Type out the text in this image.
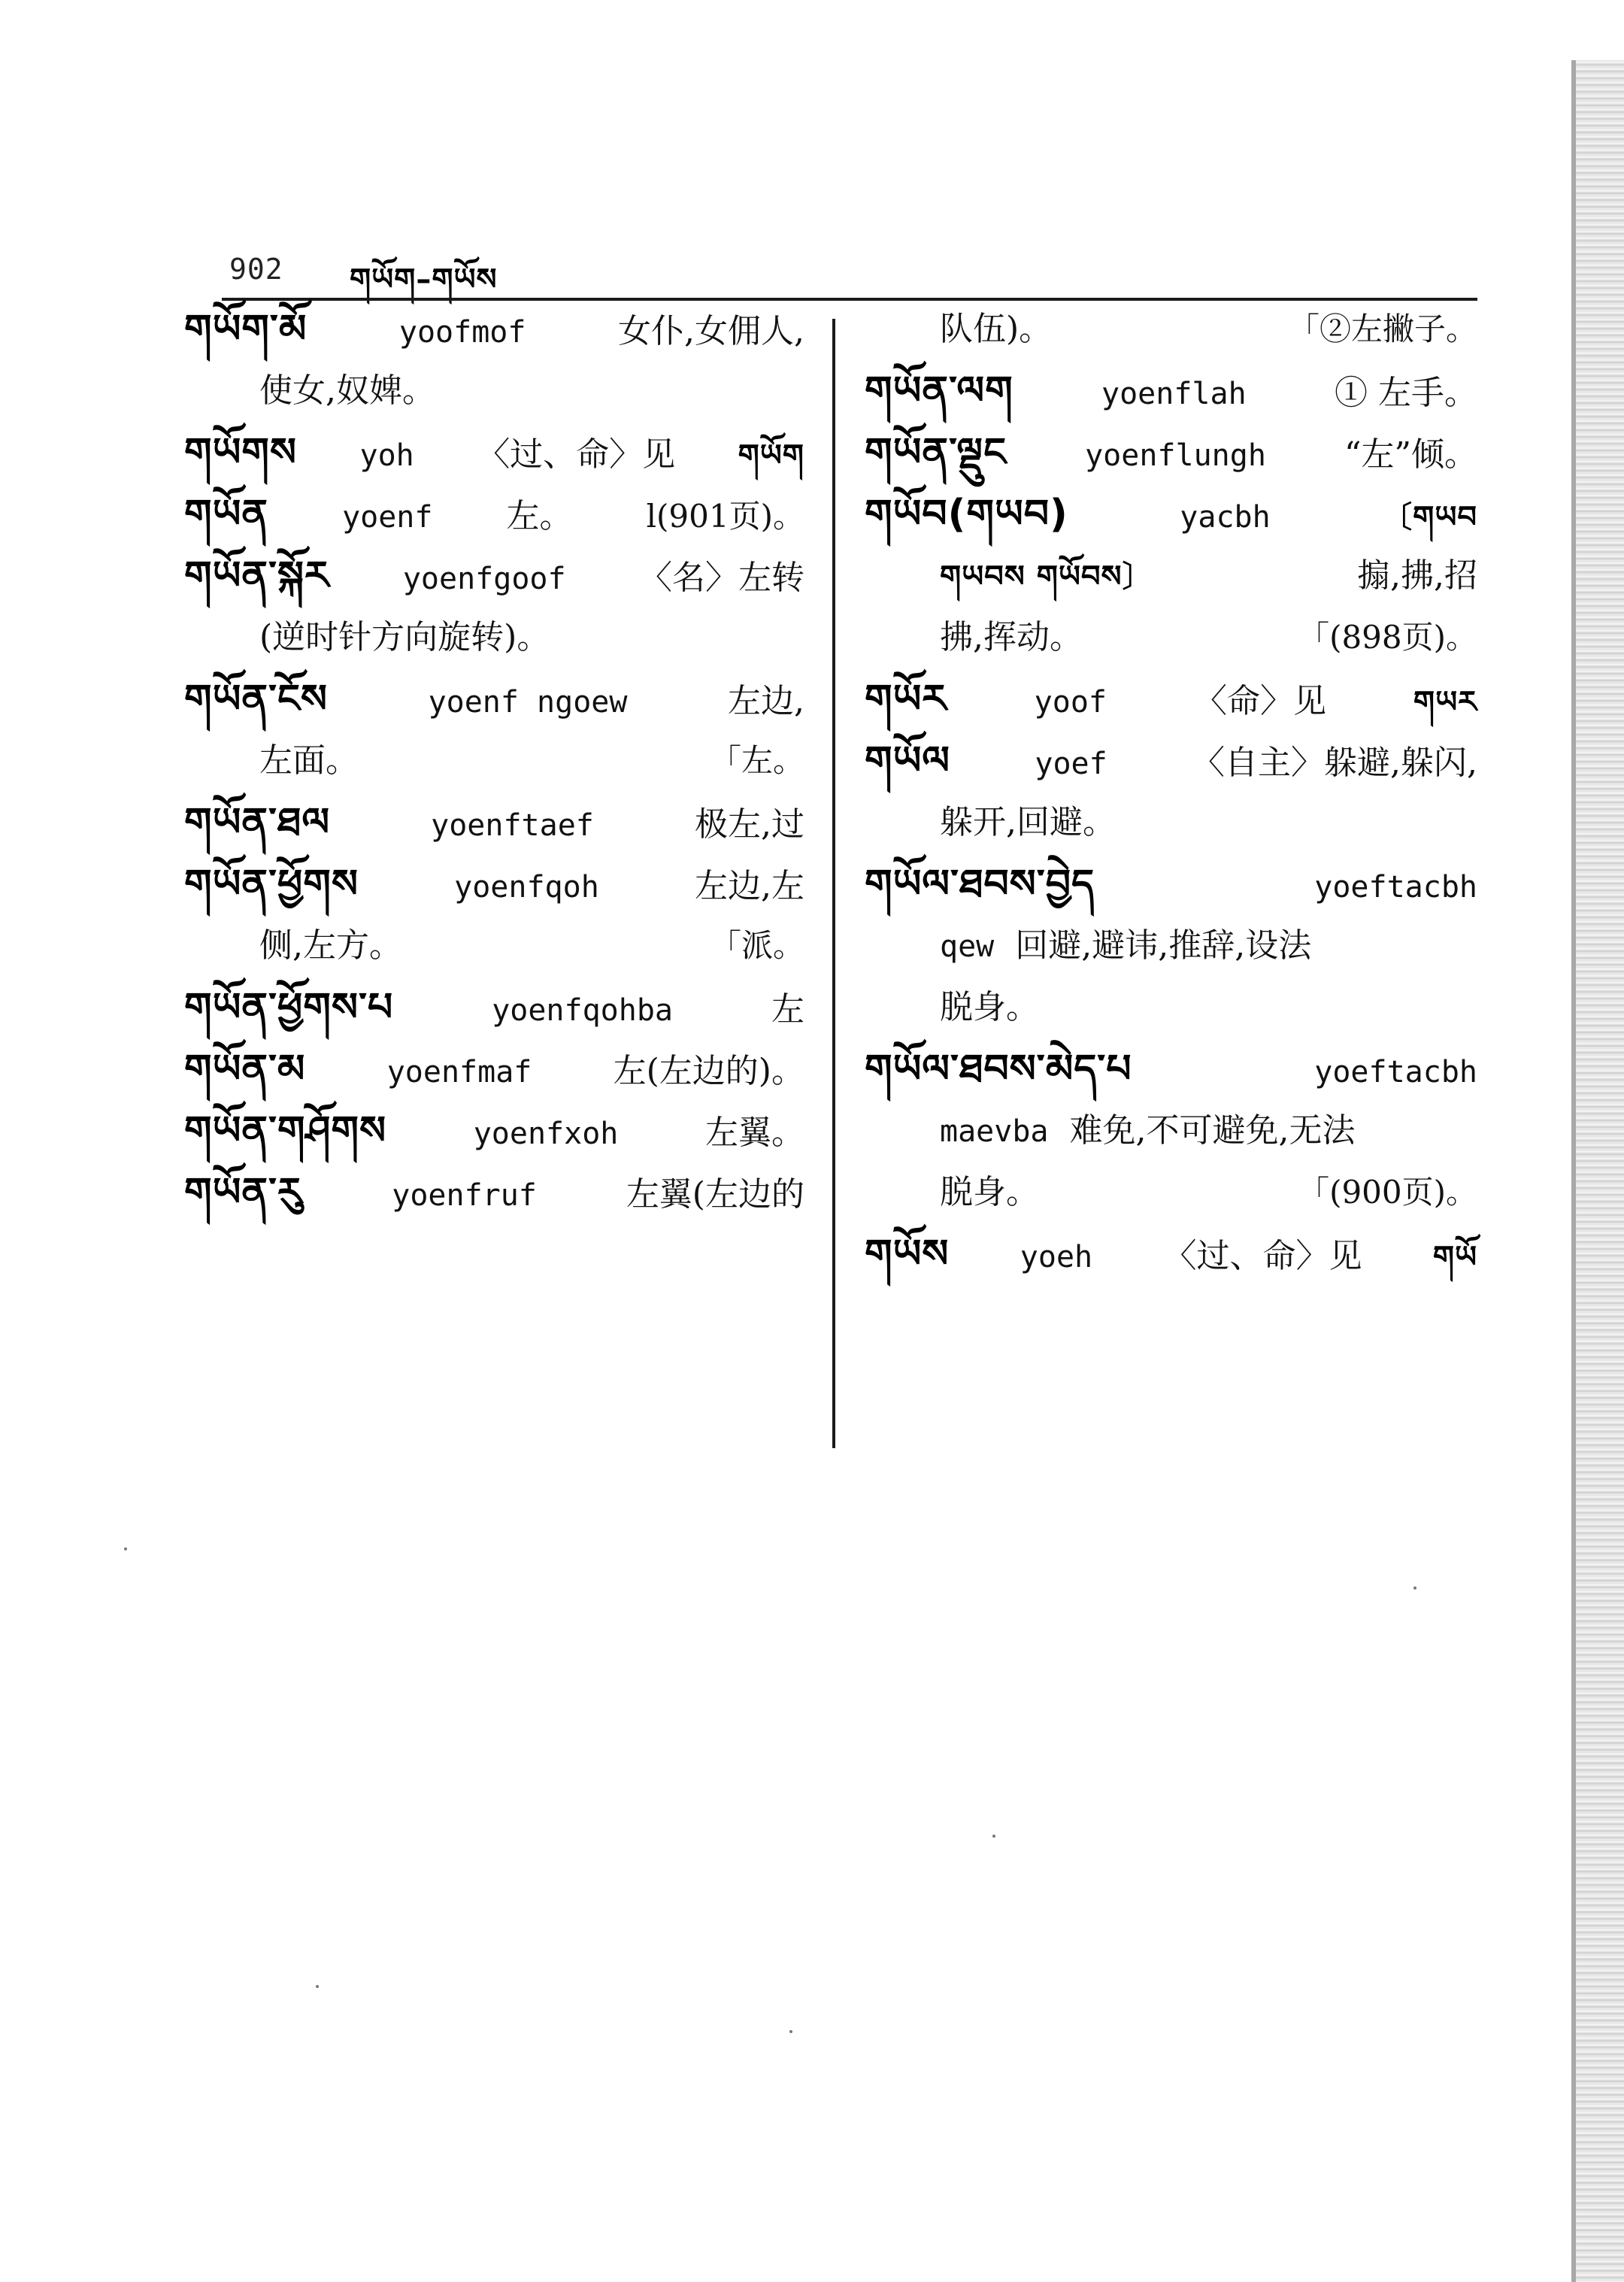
902 གཡོག–གཡོས
གཡོག་མོ	yoofmof	女仆,女佣人,
使女,奴婢。
གཡོགས yoh 〈过、命〉见 གཡོག
གཡོན yoenf 左。 l(901页)。
གཡོན་སྐོར yoenfgoof 〈名〉左转
(逆时针方向旋转)。
གཡོན་ངོས	yoenf ngoew	左边,
左面。	「左。
གཡོན་ཐལ	yoenftaef	极左,过
གཡོན་ཕྱོགས	yoenfqoh	左边,左
侧,左方。	「派。
གཡོན་ཕྱོགས་པ	yoenfqohba	左
གཡོན་མ	yoenfmaf 左(左边的)。
གཡོན་གཤོགས	yoenfxoh	左翼。
གཡོན་རུ	yoenfruf	左翼(左边的
队伍)。	「②左撇子。
གཡོན་ལག	yoenflah	① 左手。
གཡོན་ལྡུང	yoenflungh “左”倾。
གཡོབ(གཡབ)	yacbh	〔གཡབ
གཡབས གཡོབས〕	搧,拂,招
拂,挥动。	「(898页)。
གཡོར	yoof	〈命〉见	གཡར
གཡོལ	yoef	〈自主〉躲避,躲闪,
躲开,回避。
གཡོལ་ཐབས་བྱེད	yoeftacbh
qew 回避,避讳,推辞,设法
脱身。
གཡོལ་ཐབས་མེད་པ	yoeftacbh
maevba 难免,不可避免,无法
脱身。	「(900页)。
གཡོས yoeh 〈过、命〉见 གཡོ
